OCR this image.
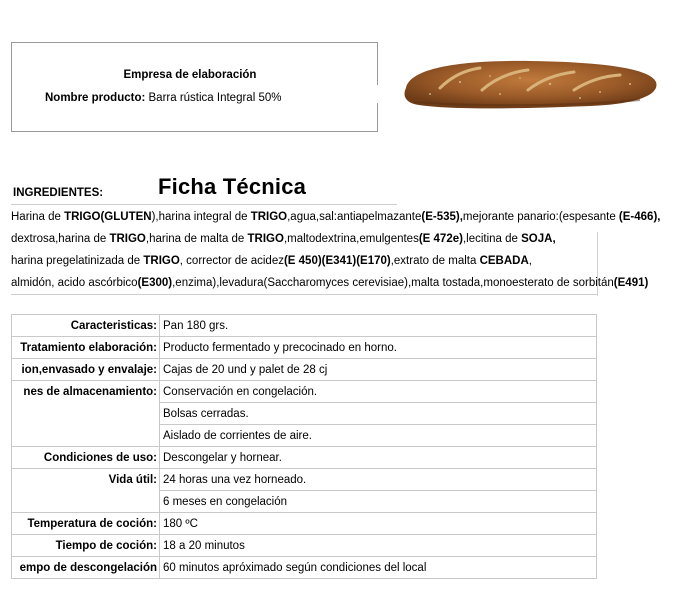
Empresa de elaboración
Nombre producto: Barra rústica Integral 50%
Ficha Técnica
INGREDIENTES:
Harina de TRIGO(GLUTEN),harina integral de TRIGO,agua,sal:antiapelmazante(E-535),mejorante panario:(espesante (E-466),
dextrosa,harina de TRIGO,harina de malta de TRIGO,maltodextrina,emulgentes(E 472e),lecitina de SOJA,
harina pregelatinizada de TRIGO, corrector de acidez(E 450)(E341)(E170),extrato de malta CEBADA,
almidón, acido ascórbico(E300),enzima),levadura(Saccharomyces cerevisiae),malta tostada,monoesterato de sorbitán(E491)
Caracteristicas:	Pan 180 grs.
Tratamiento elaboración:	Producto fermentado y precocinado en horno.
ion,envasado y envalaje:	Cajas de 20 und y palet de 28 cj
nes de almacenamiento:	Conservación en congelación.
	Bolsas cerradas.
	Aislado de corrientes de aire.
Condiciones de uso:	Descongelar y hornear.
Vida útil:	24 horas una vez horneado.
	6 meses en congelación
Temperatura de coción:	180 ºC
Tiempo de coción:	18 a 20 minutos
empo de descongelación	60 minutos apróximado según condiciones del local
